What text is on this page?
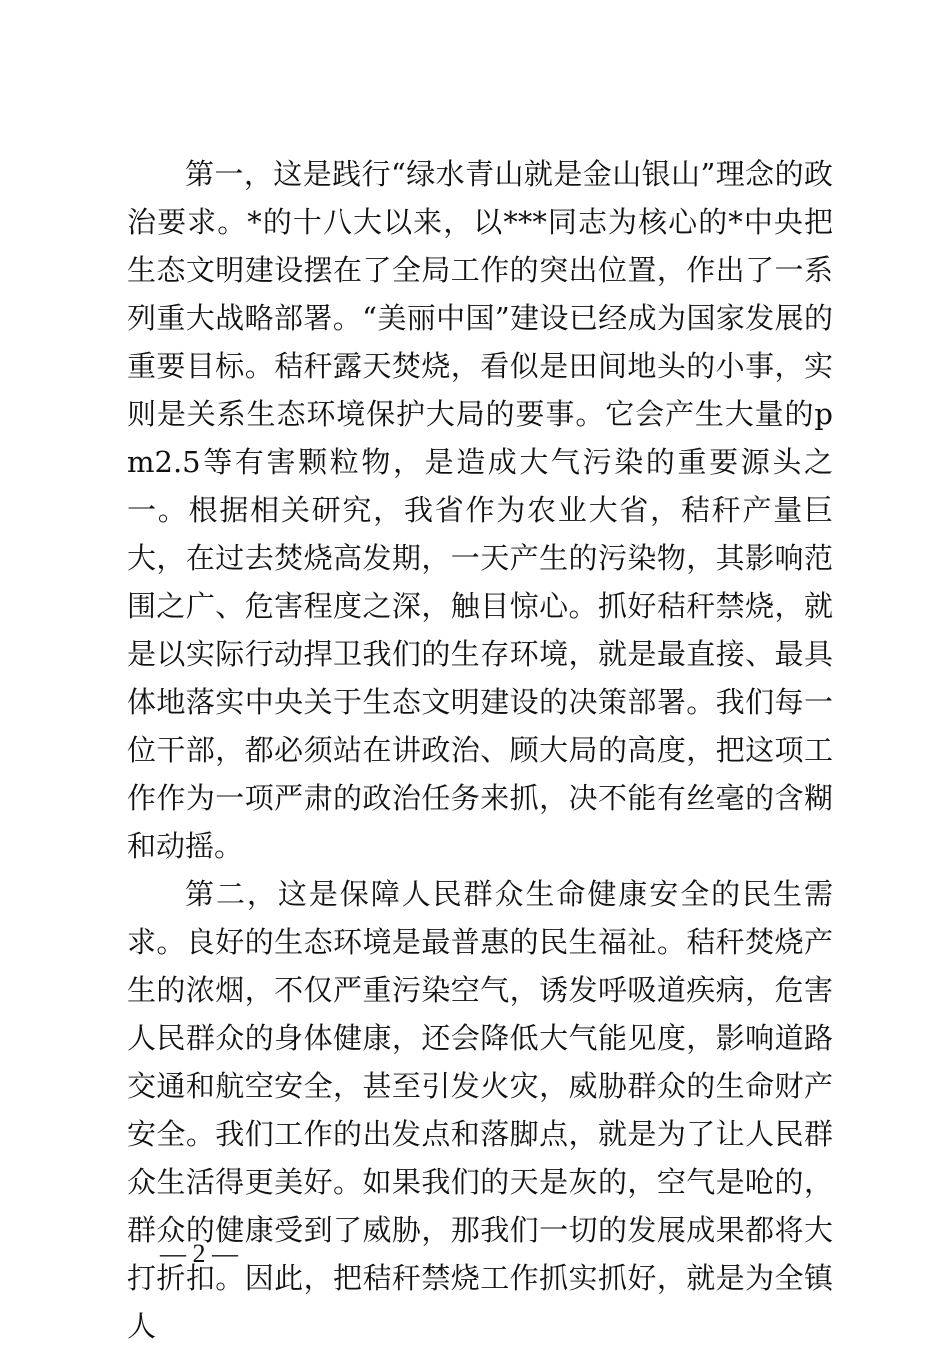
第一，这是践行“绿水青山就是金山银山”理念的政治要求。*的十八大以来，以***同志为核心的*中央把生态文明建设摆在了全局工作的突出位置，作出了一系列重大战略部署。“美丽中国”建设已经成为国家发展的重要目标。秸秆露天焚烧，看似是田间地头的小事，实则是关系生态环境保护大局的要事。它会产生大量的pm2.5等有害颗粒物，是造成大气污染的重要源头之一。根据相关研究，我省作为农业大省，秸秆产量巨大，在过去焚烧高发期，一天产生的污染物，其影响范围之广、危害程度之深，触目惊心。抓好秸秆禁烧，就是以实际行动捍卫我们的生存环境，就是最直接、最具体地落实中央关于生态文明建设的决策部署。我们每一位干部，都必须站在讲政治、顾大局的高度，把这项工作作为一项严肃的政治任务来抓，决不能有丝毫的含糊和动摇。

第二，这是保障人民群众生命健康安全的民生需求。良好的生态环境是最普惠的民生福祉。秸秆焚烧产生的浓烟，不仅严重污染空气，诱发呼吸道疾病，危害人民群众的身体健康，还会降低大气能见度，影响道路交通和航空安全，甚至引发火灾，威胁群众的生命财产安全。我们工作的出发点和落脚点，就是为了让人民群众生活得更美好。如果我们的天是灰的，空气是呛的，群众的健康受到了威胁，那我们一切的发展成果都将大打折扣。因此，把秸秆禁烧工作抓实抓好，就是为全镇人

— 2 —
